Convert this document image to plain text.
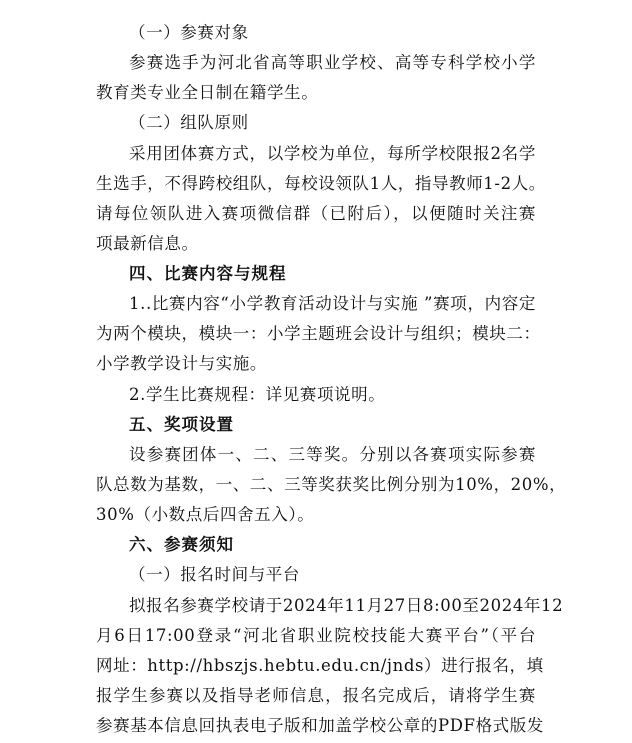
（一）参赛对象
参赛选手为河北省高等职业学校、高等专科学校小学
教育类专业全日制在籍学生。
（二）组队原则
采用团体赛方式，以学校为单位，每所学校限报2名学
生选手，不得跨校组队，每校设领队1人，指导教师1-2人。
请每位领队进入赛项微信群（已附后），以便随时关注赛
项最新信息。
四、比赛内容与规程
1..比赛内容“小学教育活动设计与实施 ”赛项，内容定
为两个模块，模块一：小学主题班会设计与组织；模块二：
小学教学设计与实施。
2.学生比赛规程：详见赛项说明。
五、奖项设置
设参赛团体一、二、三等奖。分别以各赛项实际参赛
队总数为基数，一、二、三等奖获奖比例分别为10%，20%，
30%（小数点后四舍五入）。
六、参赛须知
（一）报名时间与平台
拟报名参赛学校请于2024年11月27日8:00至2024年12
月6日17:00登录“河北省职业院校技能大赛平台”（平台
网址：http://hbszjs.hebtu.edu.cn/jnds）进行报名，填
报学生参赛以及指导老师信息，报名完成后，请将学生赛
参赛基本信息回执表电子版和加盖学校公章的PDF格式版发
